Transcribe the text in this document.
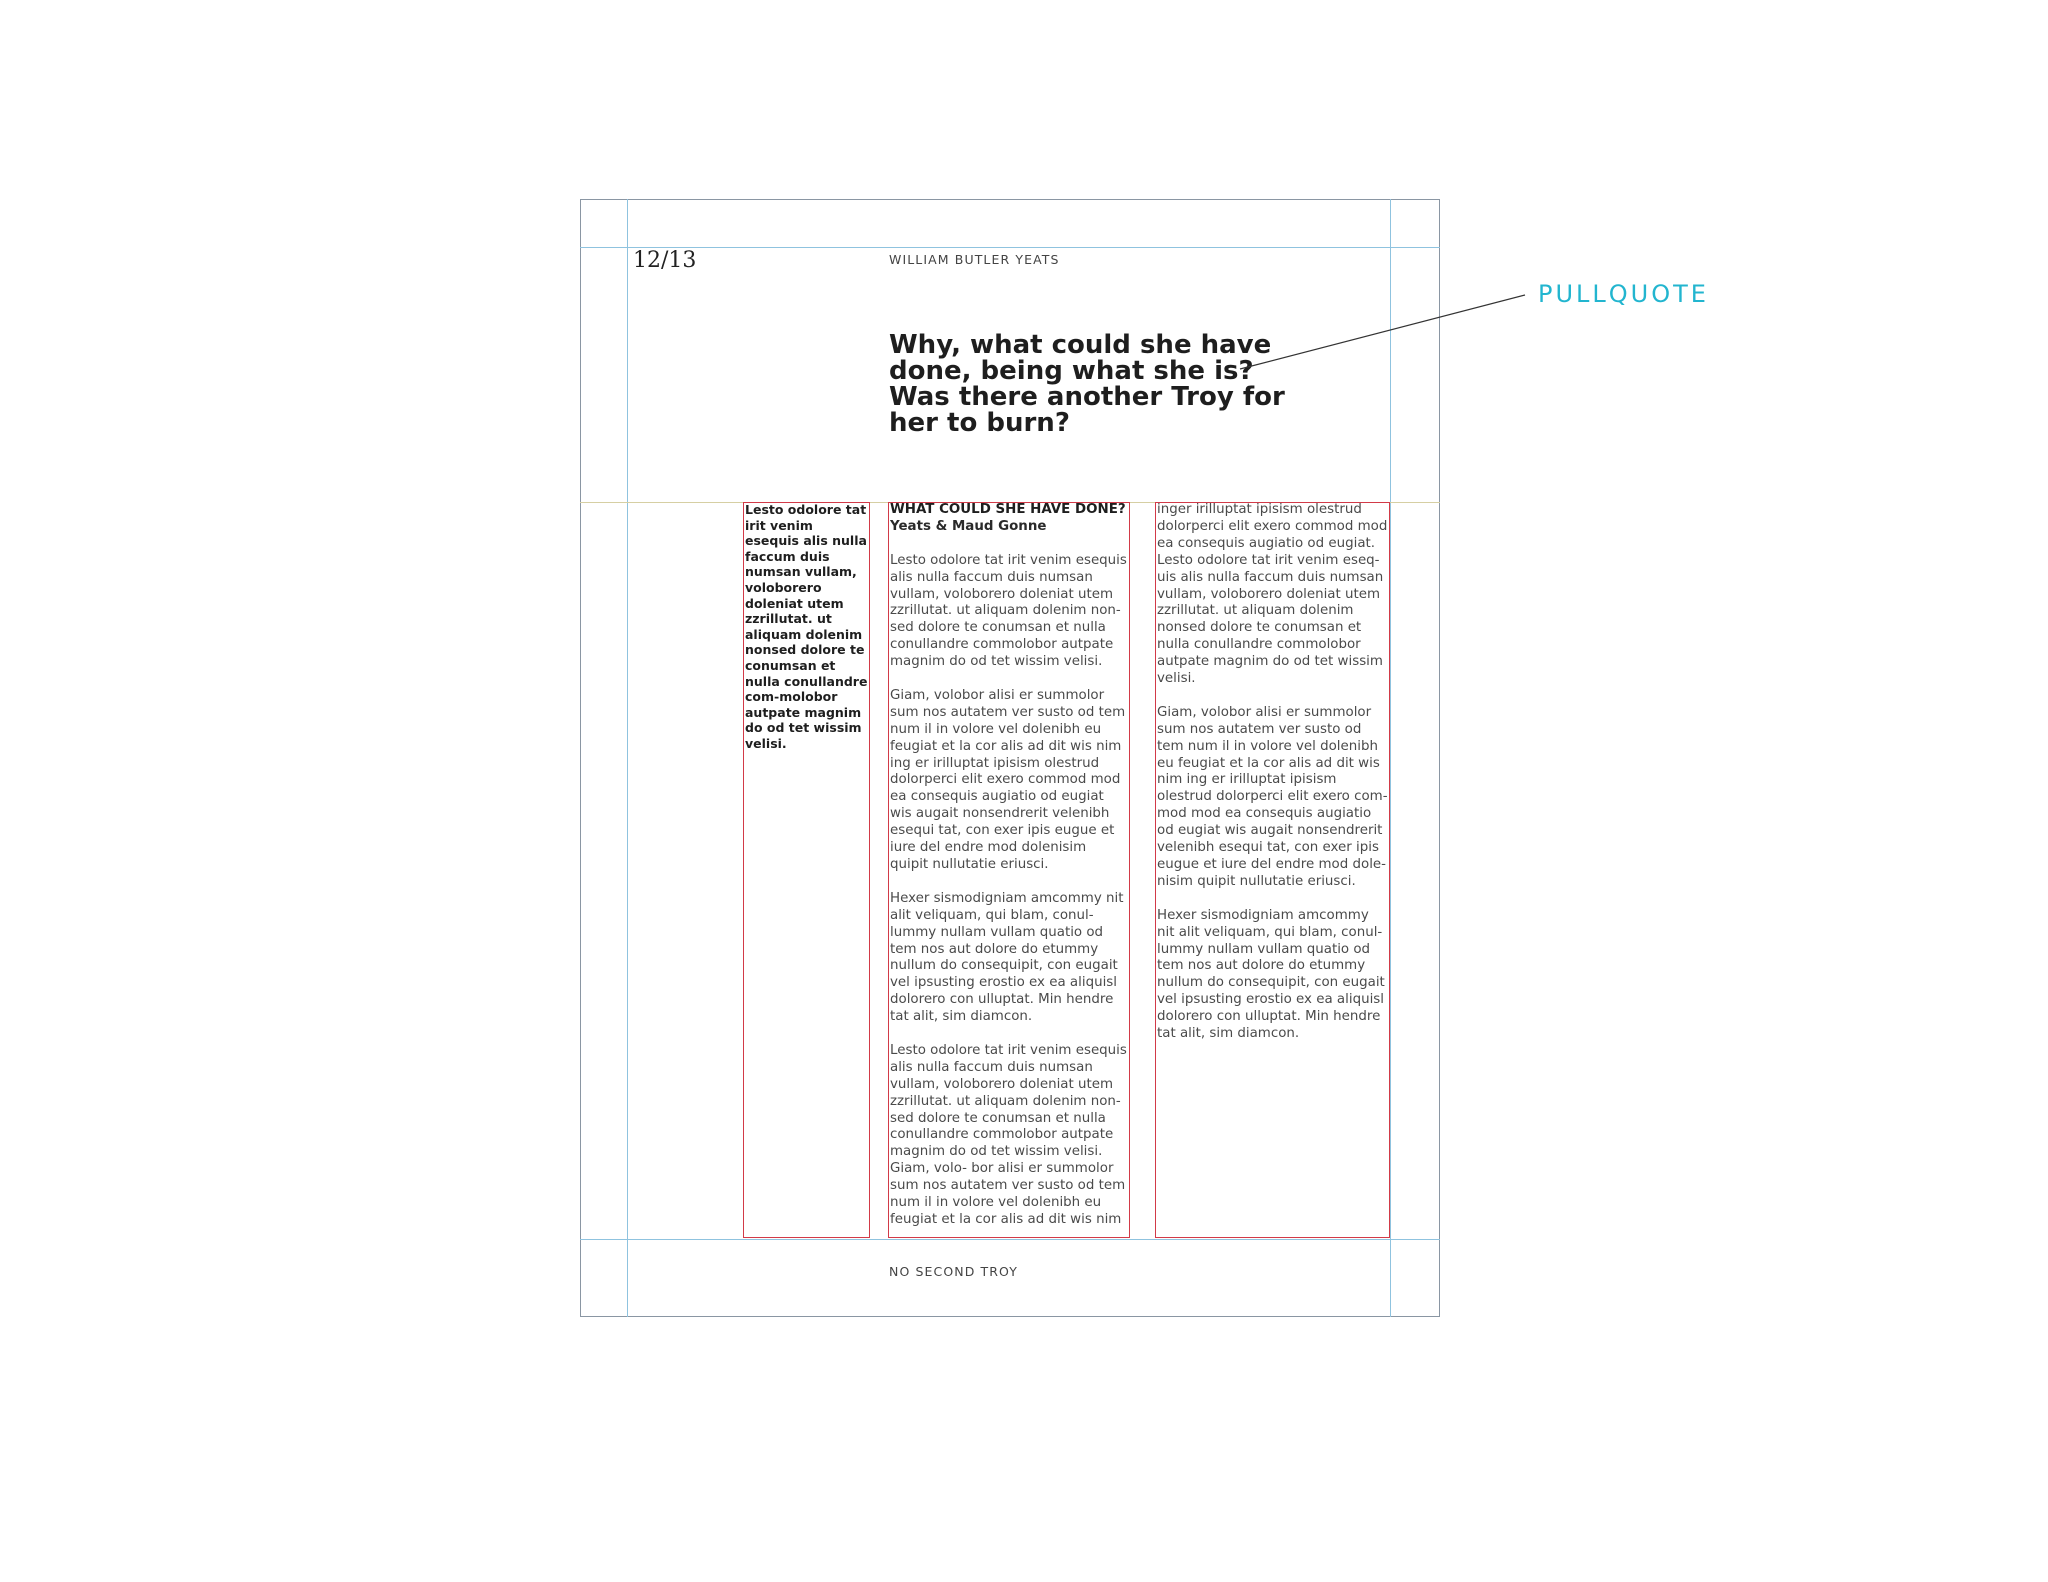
12/13	WILLIAM BUTLER YEATS
NO SECOND TROY
Why, what could she have done, being what she is? Was there another Troy for her to burn?
PULLQUOTE
Lesto odolore tat irit venim esequis alis nulla faccum duis numsan vullam, voloborero doleniat utem zzrillutat. ut aliquam dolenim nonsed dolore te conumsan et nulla conullandre com-molobor autpate magnim do od tet wissim velisi.
WHAT COULD SHE HAVE DONE?
Yeats & Maud Gonne
Lesto odolore tat irit venim esequis alis nulla faccum duis numsan vullam, voloborero doleniat utem zzrillutat. ut aliquam dolenim non-sed dolore te conumsan et nulla conullandre commolobor autpate magnim do od tet wissim velisi.
Giam, volobor alisi er summolor sum nos autatem ver susto od tem num il in volore vel dolenibh eu feugiat et la cor alis ad dit wis nim ing er irilluptat ipisism olestrud dolorperci elit exero commod mod ea consequis augiatio od eugiat wis augait nonsendrerit velenibh esequi tat, con exer ipis eugue et iure del endre mod dolenisim quipit nullutatie eriusci.
Hexer sismodigniam amcommy nit alit veliquam, qui blam, conul-lummy nullam vullam quatio od tem nos aut dolore do etummy nullum do consequipit, con eugait vel ipsusting erostio ex ea aliquisl dolorero con ulluptat. Min hendre tat alit, sim diamcon.
Lesto odolore tat irit venim esequis alis nulla faccum duis numsan vullam, voloborero doleniat utem zzrillutat. ut aliquam dolenim non-sed dolore te conumsan et nulla conullandre commolobor autpate magnim do od tet wissim velisi. Giam, volo- bor alisi er summolor sum nos autatem ver susto od tem num il in volore vel dolenibh eu feugiat et la cor alis ad dit wis nim
inger irilluptat ipisism olestrud dolorperci elit exero commod mod ea consequis augiatio od eugiat. Lesto odolore tat irit venim eseq-uis alis nulla faccum duis numsan vullam, voloborero doleniat utem zzrillutat. ut aliquam dolenim nonsed dolore te conumsan et nulla conullandre commolobor autpate magnim do od tet wissim velisi.
Giam, volobor alisi er summolor sum nos autatem ver susto od tem num il in volore vel dolenibh eu feugiat et la cor alis ad dit wis nim ing er irilluptat ipisism olestrud dolorperci elit exero com-mod mod ea consequis augiatio od eugiat wis augait nonsendrerit velenibh esequi tat, con exer ipis eugue et iure del endre mod dole-nisim quipit nullutatie eriusci.
Hexer sismodigniam amcommy nit alit veliquam, qui blam, conul-lummy nullam vullam quatio od tem nos aut dolore do etummy nullum do consequipit, con eugait vel ipsusting erostio ex ea aliquisl dolorero con ulluptat. Min hendre tat alit, sim diamcon.
